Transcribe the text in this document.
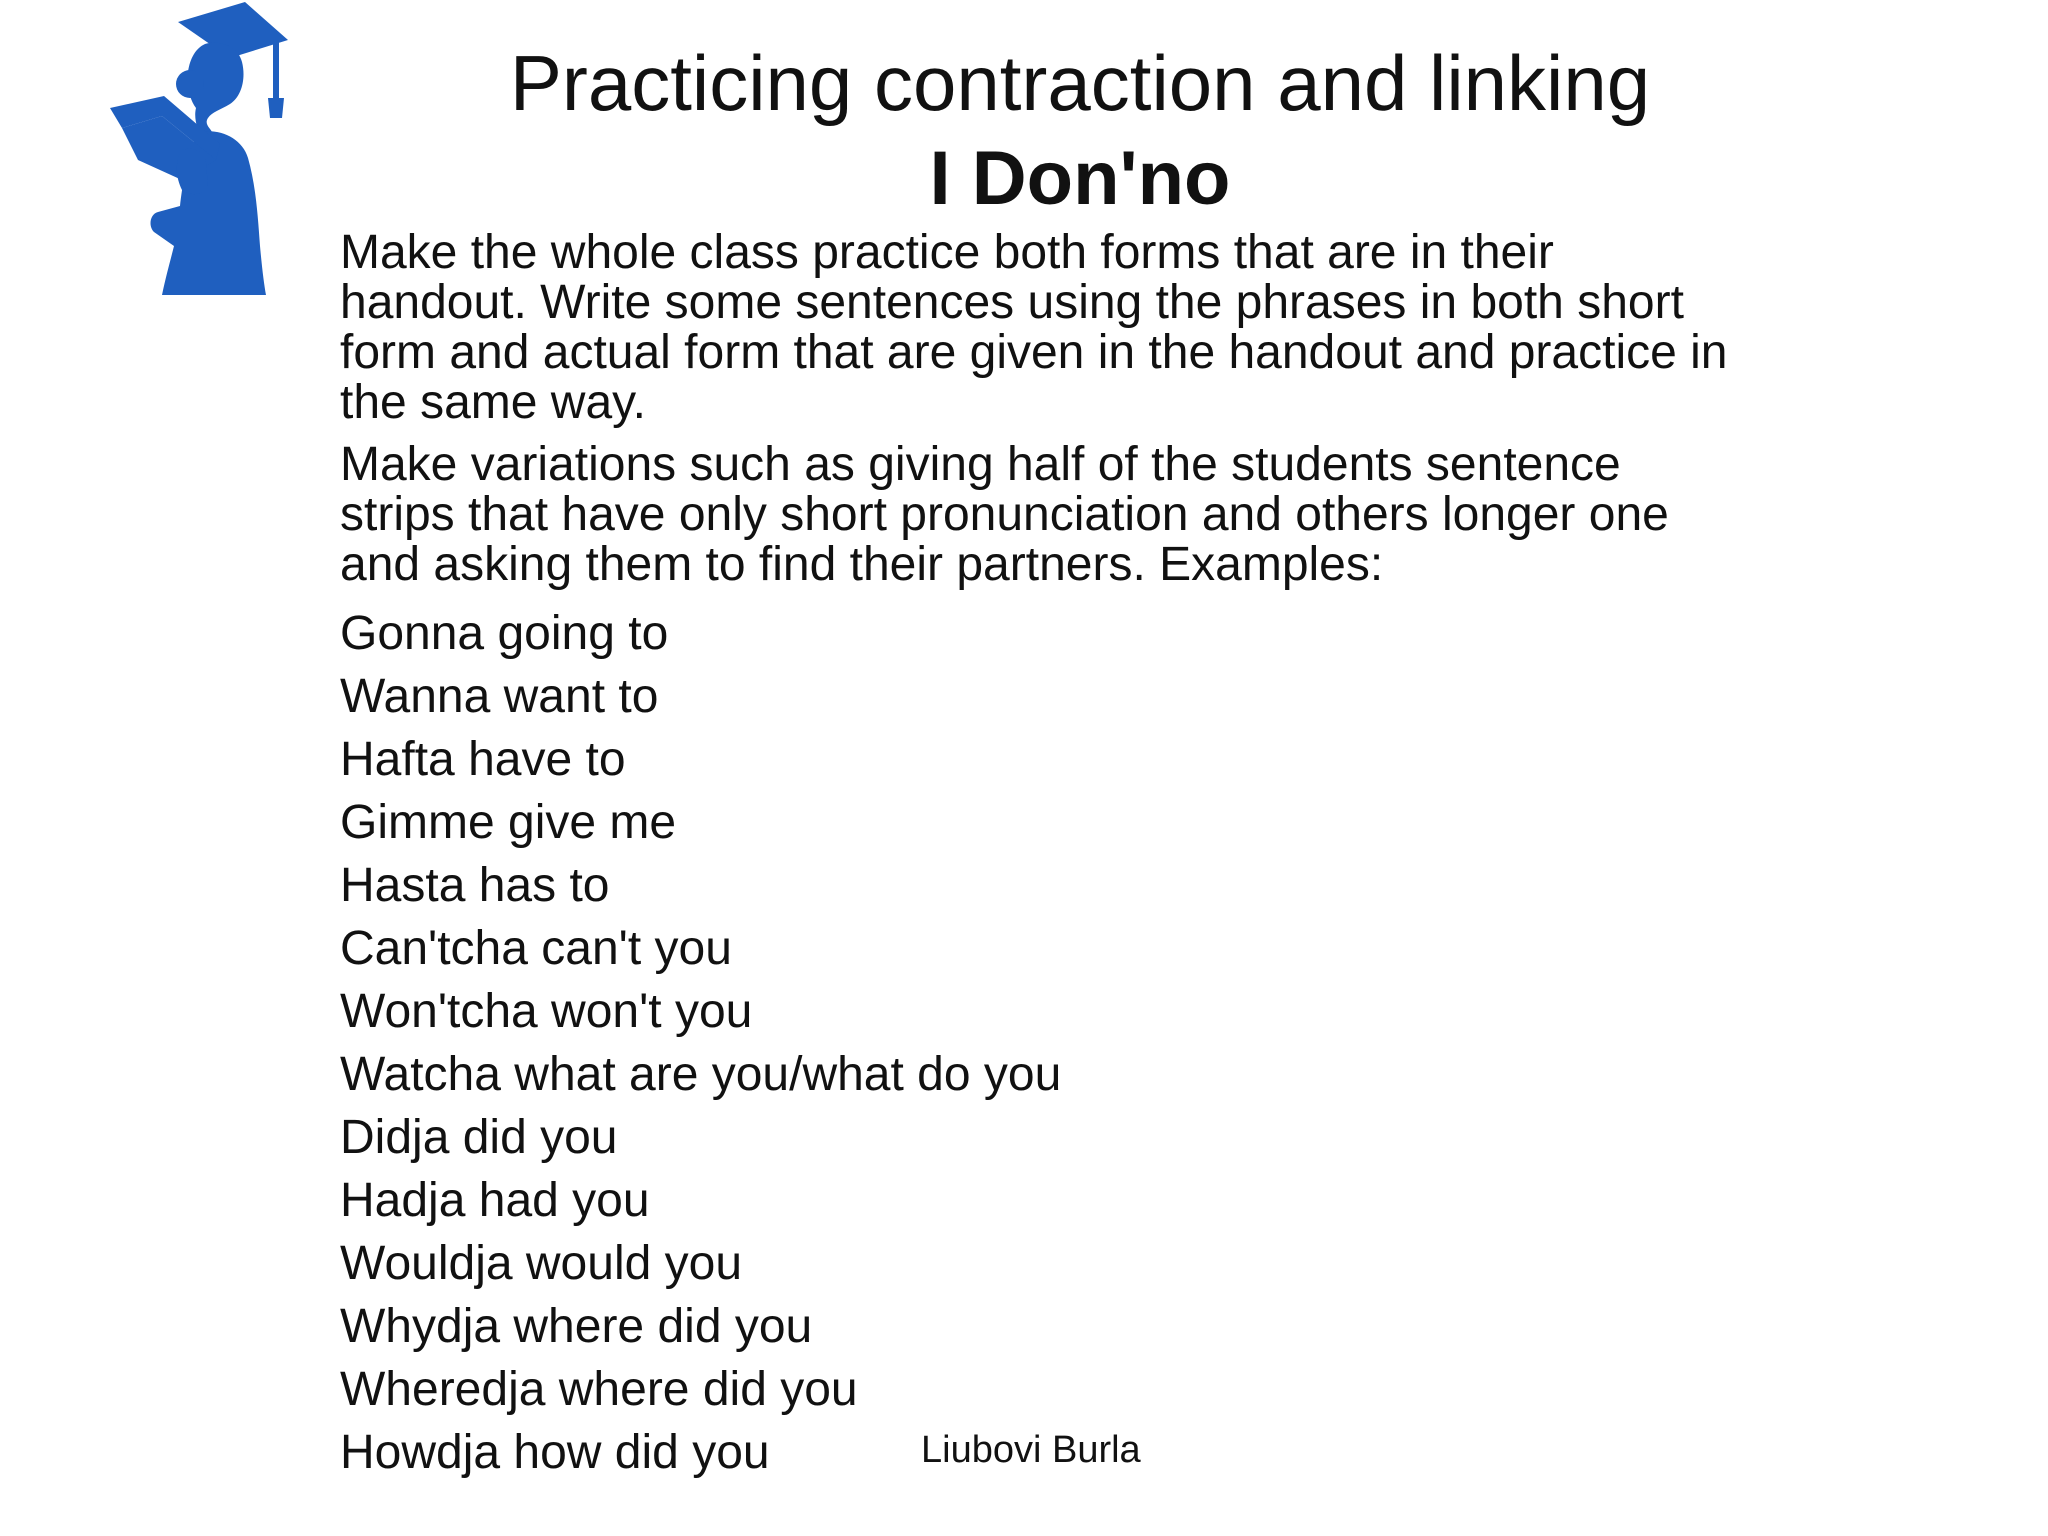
Practicing contraction and linking
I Don'no

Make the whole class practice both forms that are in their handout. Write some sentences using the phrases in both short form and actual form that are given in the handout and practice in the same way.

Make variations such as giving half of the students sentence strips that have only short pronunciation and others longer one and asking them to find their partners. Examples:

Gonna going to
Wanna want to
Hafta have to
Gimme give me
Hasta has to
Can'tcha can't you
Won'tcha won't you
Watcha what are you/what do you
Didja did you
Hadja had you
Wouldja would you
Whydja where did you
Wheredja where did you
Howdja how did you	Liubovi Burla
